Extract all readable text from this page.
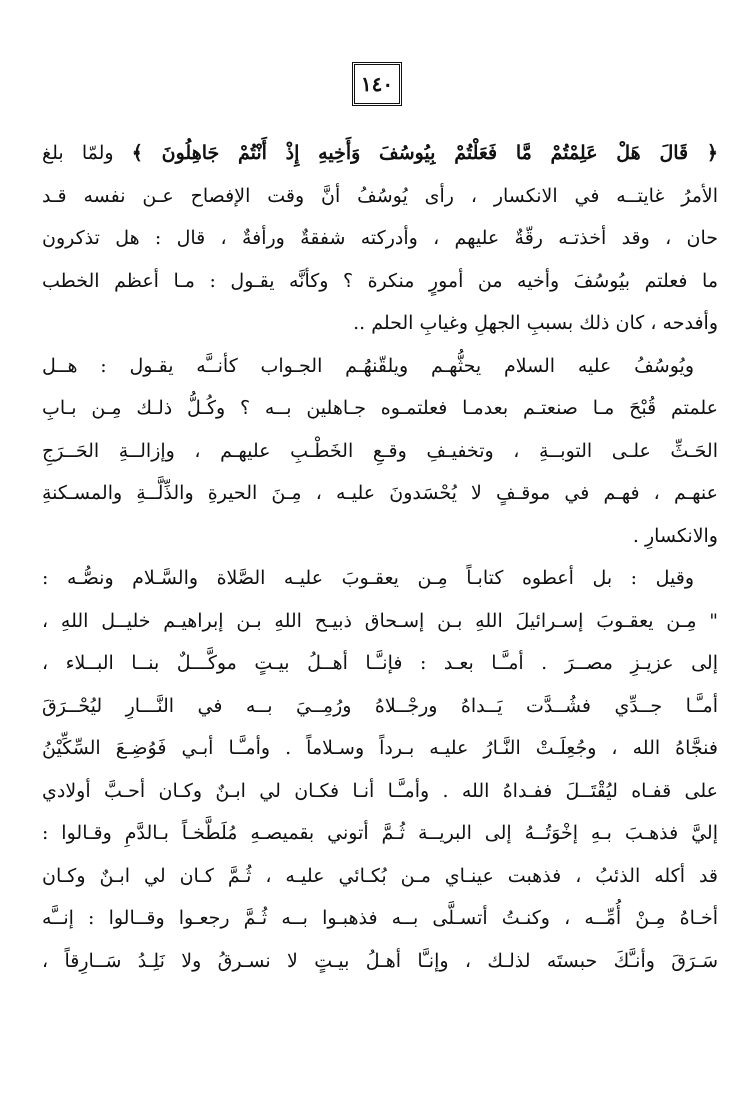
١٤٠
﴿ قَالَ هَلْ عَلِمْتُمْ مَّا فَعَلْتُمْ بِيُوسُفَ وَأَخِيهِ إِذْ أَنْتُمْ جَاهِلُونَ ﴾ ولمّا بلغ
الأمرُ غايتــه في الانكسار ، رأى يُوسُفُ أنَّ وقت الإفصاح عـن نفسه قـد
حان ، وقد أخذتـه رقّةٌ عليهم ، وأدركته شفقةٌ ورأفةٌ ، قال : هل تذكرون
ما فعلتم بيُوسُفَ وأخيه من أمورٍ منكرة ؟ وكأنَّه يقـول : مـا أعظم الخطب
وأفدحه ، كان ذلك بسببِ الجهلِ وغيابِ الحلم ..
ويُوسُفُ عليه السلام يحثُّهـم ويلقّنهُـم الجـواب كأنــَّه يقـول : هــل
علمتم قُبْحَ مـا صنعتـم بعدمـا فعلتمـوه جـاهلين بــه ؟ وكُـلُّ ذلـك مِـن بـابِ
الحَـثِّ علـى التوبــةِ ، وتخفيـفِ وقـعِ الخَطْـبِ عليهـم ، وإزالــةِ الحَــرَجِ
عنهـم ، فهـم في موقـفٍ لا يُحْسَدونَ عليـه ، مِـنَ الحيرةِ والذِّلَّــةِ والمسـكنةِ
والانكسارِ .
وقيل : بل أعطوه كتابـاً مِـن يعقـوبَ عليـه الصَّلاة والسَّـلام ونصُّـه :
" مِـن يعقـوبَ إسـرائيلَ اللهِ بـن إسـحاق ذبيـح اللهِ بـن إبراهيـم خليــل اللهِ ،
إلى عزيـزِ مصــرَ . أمـَّـا بعـد : فإنـَّـا أهــلُ بيـتٍ موكَّـــلٌ بنــا البــلاء ،
أمـَّـا جــدِّي فشُــدَّت يَــداهُ ورجْــلاهُ ورُمِــيَ بــه في النَّـــارِ ليُحْــرَقَ
فنجَّاهُ الله ، وجُعِلَـتْ النَّـارُ عليـه بـرداً وسـلاماً . وأمـَّـا أبـي فَوُضِـعَ السِّكِّيْنُ
على قفـاه ليُقْتَــلَ ففـداهُ الله . وأمـَّـا أنـا فكـان لي ابـنٌ وكـان أحـبَّ أولادي
إليَّ فذهـبَ بـهِ إخْوَتُــهُ إلى البريــة ثُـمَّ أتوني بقميصـهِ مُلَطَّخـاً بـالدَّمِ وقـالوا :
قد أكله الذئبُ ، فذهبت عينـاي مـن بُكـائي عليـه ، ثُـمَّ كـان لي ابـنٌ وكـان
أخـاهُ مِـنْ أُمِّــه ، وكنـتُ أتسـلَّى بــه فذهبـوا بــه ثُـمَّ رجعـوا وقــالوا : إنــَّه
سَـرَقَ وأنـَّكَ حبستَه لذلـك ، وإنـَّا أهـلُ بيـتٍ لا نسـرقُ ولا نَلِـدُ سَــارِقاً ،
